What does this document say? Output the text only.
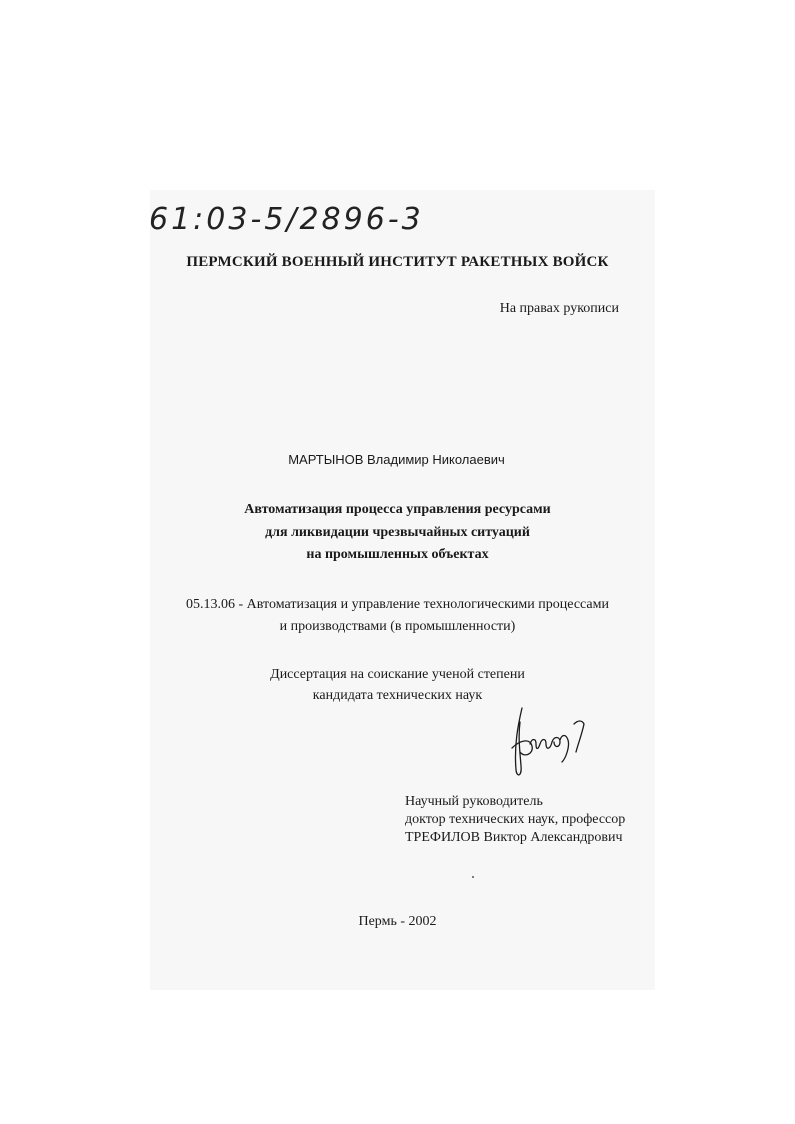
61:03-5/2896-3
ПЕРМСКИЙ ВОЕННЫЙ ИНСТИТУТ РАКЕТНЫХ ВОЙСК
На правах рукописи
МАРТЫНОВ Владимир Николаевич
Автоматизация процесса управления ресурсами
для ликвидации чрезвычайных ситуаций
на промышленных объектах
05.13.06 - Автоматизация и управление технологическими процессами
и производствами (в промышленности)
Диссертация на соискание ученой степени
кандидата технических наук
Научный руководитель
доктор технических наук, профессор
ТРЕФИЛОВ Виктор Александрович
Пермь - 2002
